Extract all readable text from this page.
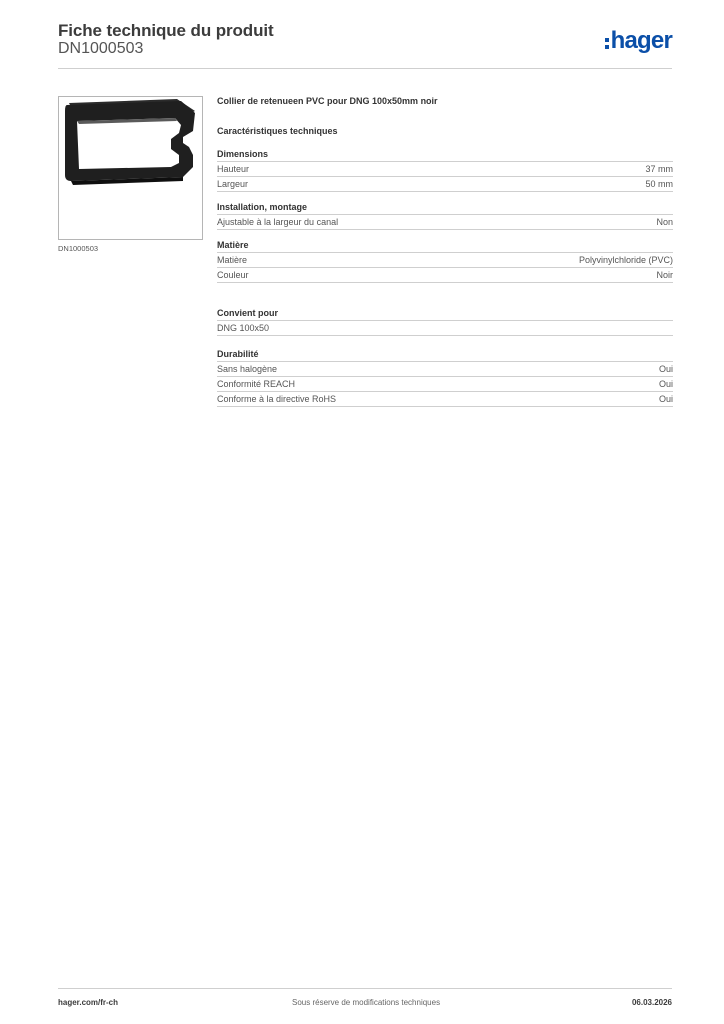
Fiche technique du produit
DN1000503	hager
DN1000503
Collier de retenueen PVC pour DNG 100x50mm noir
Caractéristiques techniques
Dimensions
Hauteur	37 mm
Largeur	50 mm
Installation, montage
Ajustable à la largeur du canal	Non
Matière
Matière	Polyvinylchloride (PVC)
Couleur	Noir
Convient pour
DNG 100x50
Durabilité
Sans halogène	Oui
Conformité REACH	Oui
Conforme à la directive RoHS	Oui
hager.com/fr-ch	Sous réserve de modifications techniques	06.03.2026
